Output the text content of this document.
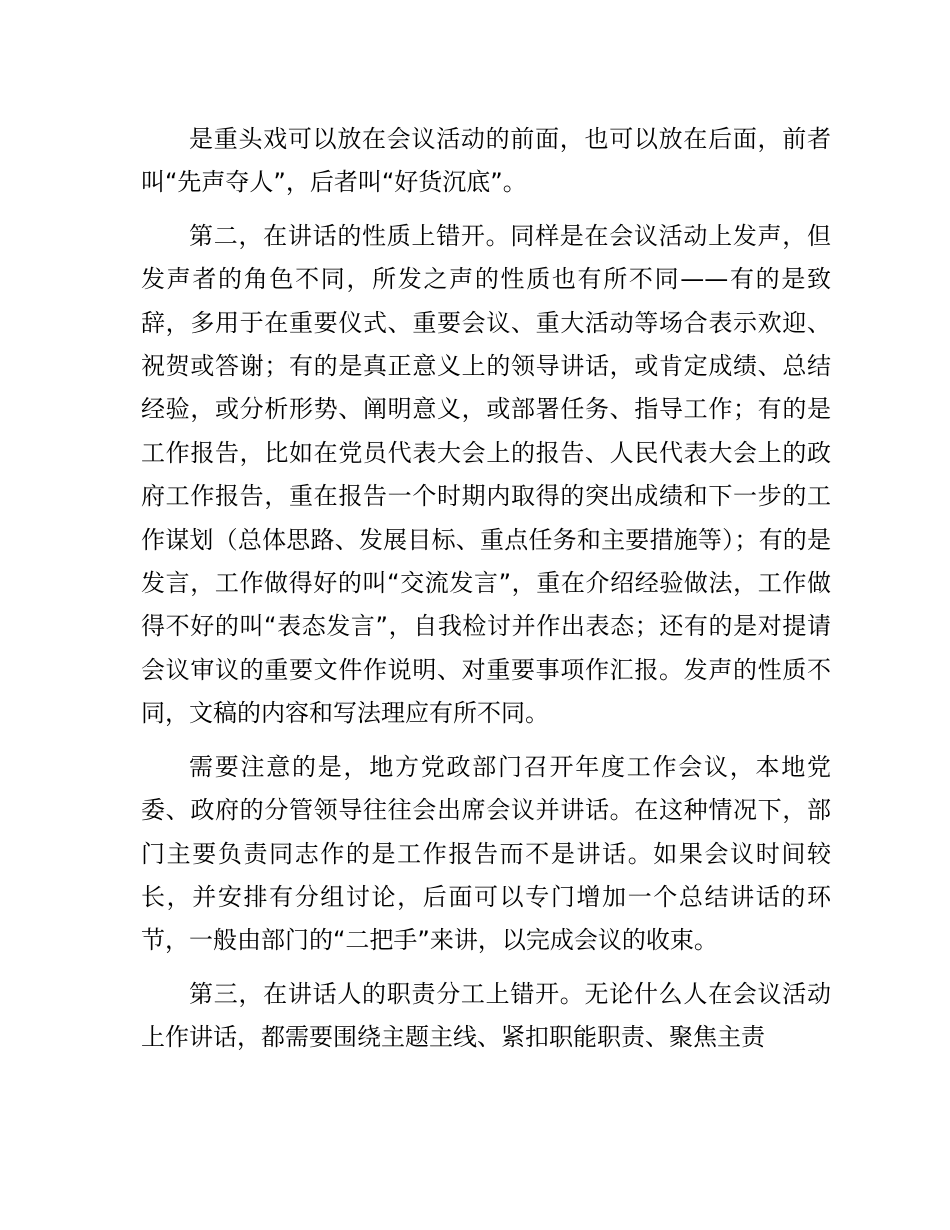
是重头戏可以放在会议活动的前面，也可以放在后面，前者叫“先声夺人”，后者叫“好货沉底”。

第二，在讲话的性质上错开。同样是在会议活动上发声，但发声者的角色不同，所发之声的性质也有所不同——有的是致辞，多用于在重要仪式、重要会议、重大活动等场合表示欢迎、祝贺或答谢；有的是真正意义上的领导讲话，或肯定成绩、总结经验，或分析形势、阐明意义，或部署任务、指导工作；有的是工作报告，比如在党员代表大会上的报告、人民代表大会上的政府工作报告，重在报告一个时期内取得的突出成绩和下一步的工作谋划（总体思路、发展目标、重点任务和主要措施等）；有的是发言，工作做得好的叫“交流发言”，重在介绍经验做法，工作做得不好的叫“表态发言”，自我检讨并作出表态；还有的是对提请会议审议的重要文件作说明、对重要事项作汇报。发声的性质不同，文稿的内容和写法理应有所不同。

需要注意的是，地方党政部门召开年度工作会议，本地党委、政府的分管领导往往会出席会议并讲话。在这种情况下，部门主要负责同志作的是工作报告而不是讲话。如果会议时间较长，并安排有分组讨论，后面可以专门增加一个总结讲话的环节，一般由部门的“二把手”来讲，以完成会议的收束。

第三，在讲话人的职责分工上错开。无论什么人在会议活动上作讲话，都需要围绕主题主线、紧扣职能职责、聚焦主责
